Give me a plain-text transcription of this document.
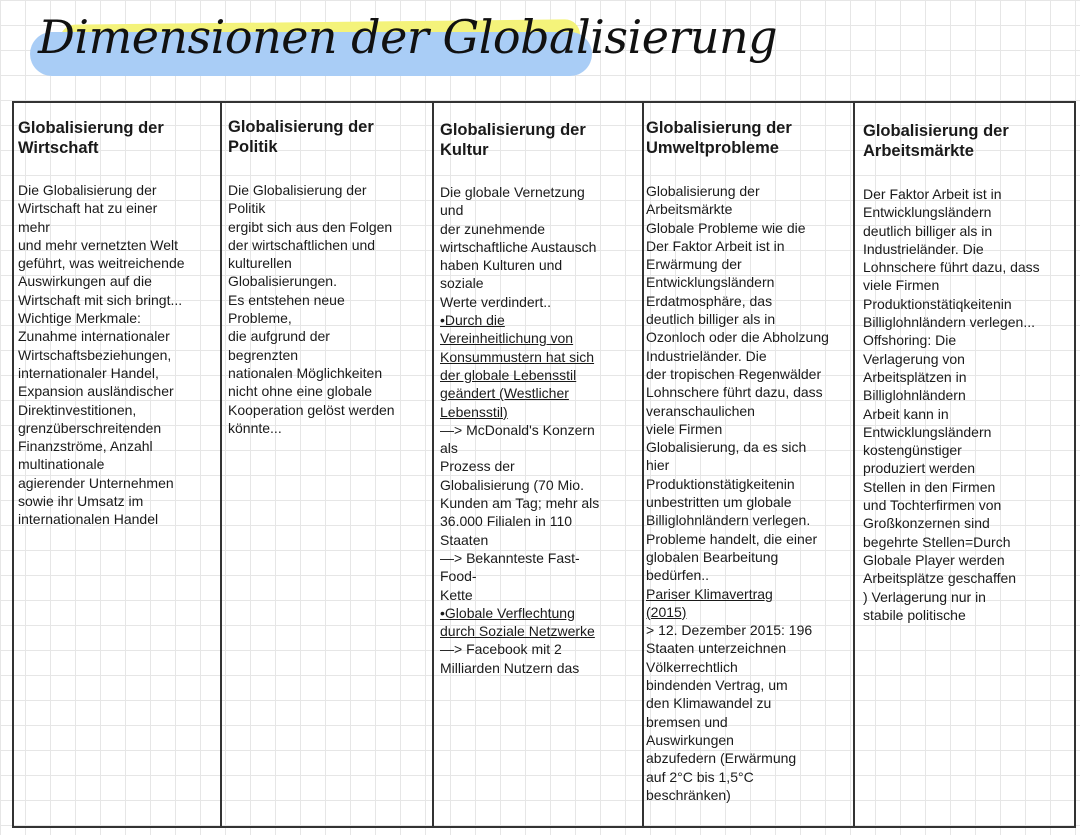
Dimensionen der Globalisierung
Globalisierung der
Wirtschaft
Die Globalisierung der
Wirtschaft hat zu einer
mehr
und mehr vernetzten Welt
geführt, was weitreichende
Auswirkungen auf die
Wirtschaft mit sich bringt...
Wichtige Merkmale:
Zunahme internationaler
Wirtschaftsbeziehungen,
internationaler Handel,
Expansion ausländischer
Direktinvestitionen,
grenzüberschreitenden
Finanzströme, Anzahl
multinationale
agierender Unternehmen
sowie ihr Umsatz im
internationalen Handel
Globalisierung der
Politik
Die Globalisierung der
Politik
ergibt sich aus den Folgen
der wirtschaftlichen und
kulturellen
Globalisierungen.
Es entstehen neue
Probleme,
die aufgrund der
begrenzten
nationalen Möglichkeiten
nicht ohne eine globale
Kooperation gelöst werden
könnte...
Globalisierung der
Kultur
Die globale Vernetzung
und
der zunehmende
wirtschaftliche Austausch
haben Kulturen und
soziale
Werte verdindert..
•Durch die
Vereinheitlichung von
Konsummustern hat sich
der globale Lebensstil
geändert (Westlicher
Lebensstil)
—> McDonald's Konzern
als
Prozess der
Globalisierung (70 Mio.
Kunden am Tag; mehr als
36.000 Filialen in 110
Staaten
—> Bekannteste Fast-
Food-
Kette
•Globale Verflechtung
durch Soziale Netzwerke
—> Facebook mit 2
Milliarden Nutzern das
Globalisierung der
Umweltprobleme
Globalisierung der
Arbeitsmärkte
Globale Probleme wie die
Der Faktor Arbeit ist in
Erwärmung der
Entwicklungsländern
Erdatmosphäre, das
deutlich billiger als in
Ozonloch oder die Abholzung
Industrieländer. Die
der tropischen Regenwälder
Lohnschere führt dazu, dass
veranschaulichen
viele Firmen
Globalisierung, da es sich
hier
Produktionstätigkeitenin
unbestritten um globale
Billiglohnländern verlegen.
Probleme handelt, die einer
globalen Bearbeitung
bedürfen..
Pariser Klimavertrag
(2015)
> 12. Dezember 2015: 196
Staaten unterzeichnen
Völkerrechtlich
bindenden Vertrag, um
den Klimawandel zu
bremsen und
Auswirkungen
abzufedern (Erwärmung
auf 2°C bis 1,5°C
beschränken)
Globalisierung der
Arbeitsmärkte
Der Faktor Arbeit ist in
Entwicklungsländern
deutlich billiger als in
Industrieländer. Die
Lohnschere führt dazu, dass
viele Firmen
Produktionstätiqkeitenin
Billiglohnländern verlegen...
Offshoring: Die
Verlagerung von
Arbeitsplätzen in
Billiglohnländern
Arbeit kann in
Entwicklungsländern
kostengünstiger
produziert werden
Stellen in den Firmen
und Tochterfirmen von
Großkonzernen sind
begehrte Stellen=Durch
Globale Player werden
Arbeitsplätze geschaffen
) Verlagerung nur in
stabile politische
